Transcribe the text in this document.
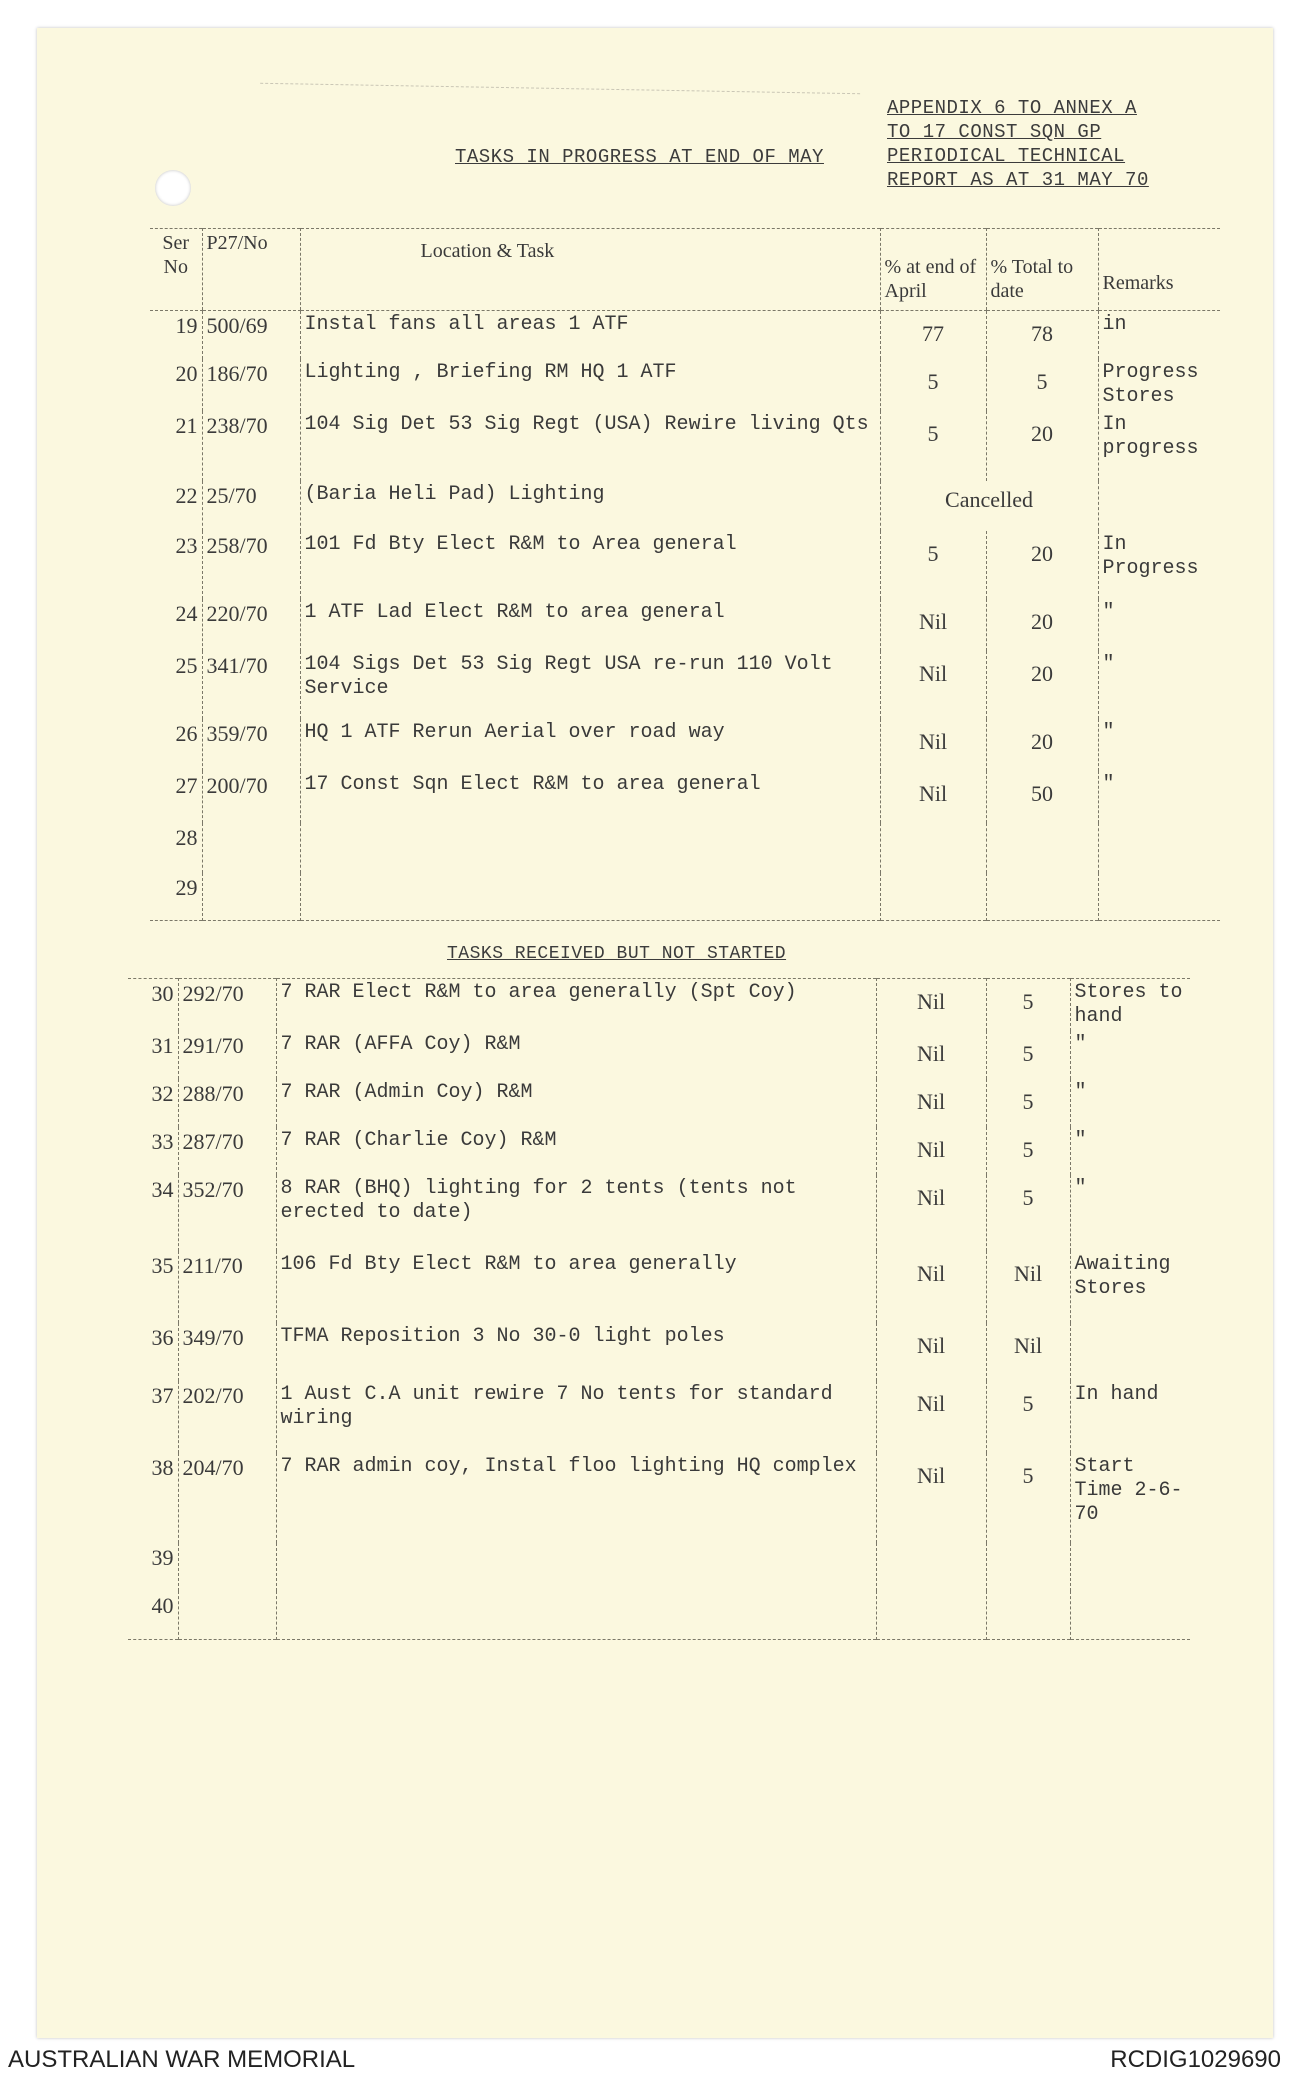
APPENDIX 6 TO ANNEX A
TO 17 CONST SQN GP
PERIODICAL TECHNICAL
REPORT AS AT 31 MAY 70
TASKS IN PROGRESS AT END OF MAY
Ser No	P27/No	Location & Task	% at end of April	% Total to date	Remarks
19	500/69	Instal fans all areas 1 ATF	77	78	in
20	186/70	Lighting , Briefing RM HQ 1 ATF	5	5	Progress Stores
21	238/70	104 Sig Det 53 Sig Regt (USA) Rewire living Qts	5	20	In progress
22	25/70	(Baria Heli Pad) Lighting	Cancelled		
23	258/70	101 Fd Bty Elect R&M to Area general	5	20	In Progress
24	220/70	1 ATF Lad Elect R&M to area general	Nil	20	"
25	341/70	104 Sigs Det 53 Sig Regt USA re-run 110 Volt Service	Nil	20	"
26	359/70	HQ 1 ATF Rerun Aerial over road way	Nil	20	"
27	200/70	17 Const Sqn Elect R&M to area general	Nil	50	"
28					
29					
TASKS RECEIVED BUT NOT STARTED
30	292/70	7 RAR Elect R&M to area generally (Spt Coy)	Nil	5	Stores to hand
31	291/70	7 RAR (AFFA Coy) R&M	Nil	5	"
32	288/70	7 RAR (Admin Coy) R&M	Nil	5	"
33	287/70	7 RAR (Charlie Coy) R&M	Nil	5	"
34	352/70	8 RAR (BHQ) lighting for 2 tents (tents not erected to date)	Nil	5	"
35	211/70	106 Fd Bty Elect R&M to area generally	Nil	Nil	Awaiting Stores
36	349/70	TFMA Reposition 3 No 30-0 light poles	Nil	Nil	
37	202/70	1 Aust C.A unit rewire 7 No tents for standard wiring	Nil	5	In hand
38	204/70	7 RAR admin coy, Instal floo lighting HQ complex	Nil	5	Start Time 2-6-70
39					
40					
AUSTRALIAN WAR MEMORIAL	RCDIG1029690
